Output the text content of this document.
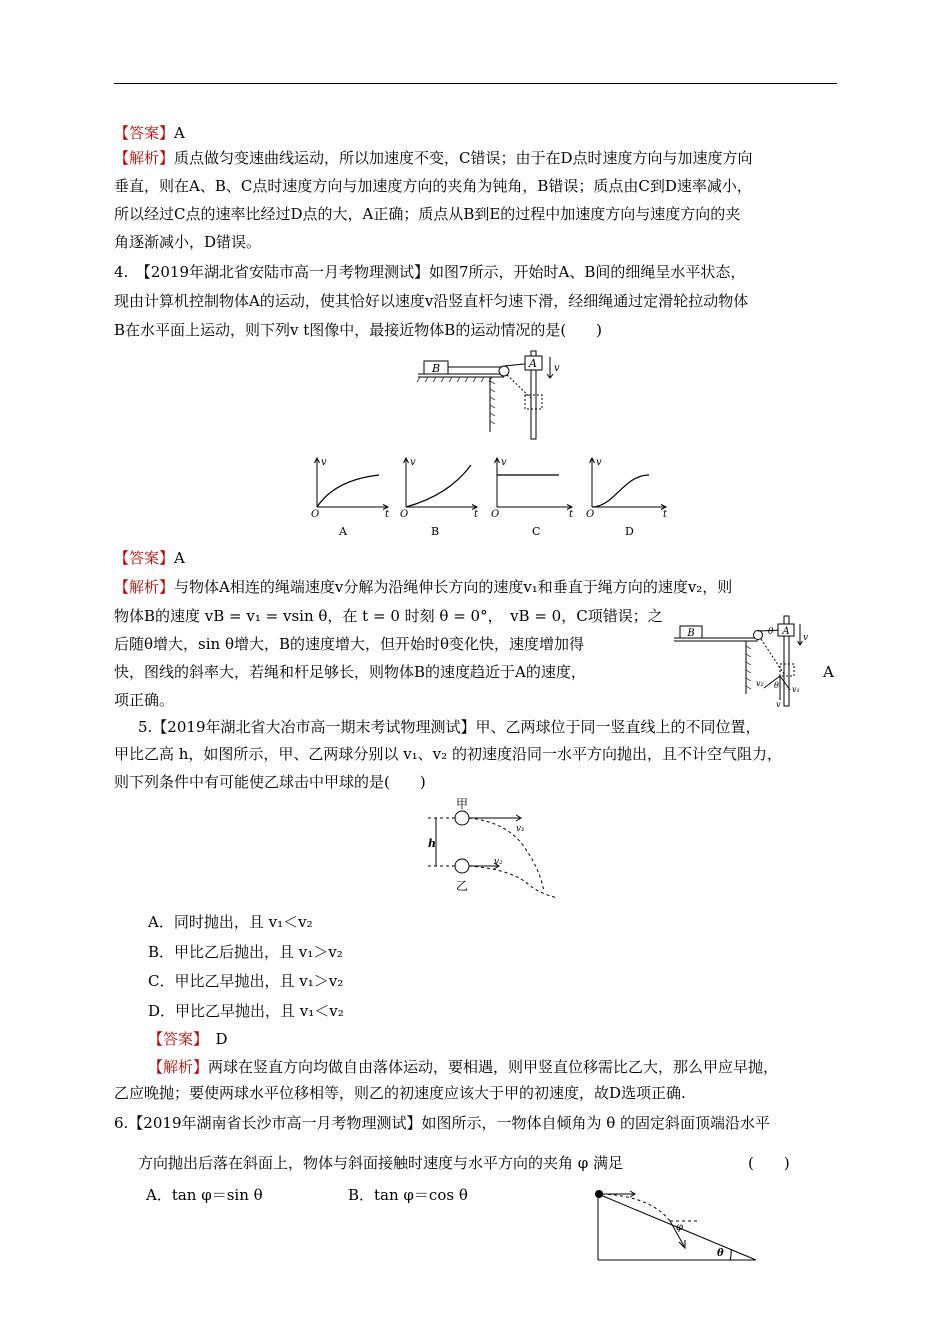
【答案】A
【解析】质点做匀变速曲线运动，所以加速度不变，C错误；由于在D点时速度方向与加速度方向
垂直，则在A、B、C点时速度方向与加速度方向的夹角为钝角，B错误；质点由C到D速率减小，
所以经过C点的速率比经过D点的大，A正确；质点从B到E的过程中加速度方向与速度方向的夹
角逐渐减小，D错误。
4.　【2019年湖北省安陆市高一月考物理测试】如图7所示，开始时A、B间的细绳呈水平状态，
现由计算机控制物体A的运动，使其恰好以速度v沿竖直杆匀速下滑，经细绳通过定滑轮拉动物体
B在水平面上运动，则下列v t图像中，最接近物体B的运动情况的是(　　)
B	A v
v
O	t
A
v
O	t
B
v
O	t
C
v
O	t
D
【答案】A
【解析】与物体A相连的绳端速度v分解为沿绳伸长方向的速度v₁和垂直于绳方向的速度v₂，则
物体B的速度 vB = v₁ = vsin θ，在 t = 0 时刻 θ = 0°，　vB = 0，C项错误；之
后随θ增大，sin θ增大，B的速度增大，但开始时θ变化快，速度增加得
快，图线的斜率大，若绳和杆足够长，则物体B的速度趋近于A的速度，
项正确。
A
B	A
θ
v
v₂
v₁
θ
v
5.【2019年湖北省大冶市高一期末考试物理测试】甲、乙两球位于同一竖直线上的不同位置，
甲比乙高 h，如图所示，甲、乙两球分别以 v₁、v₂ 的初速度沿同一水平方向抛出，且不计空气阻力，
则下列条件中有可能使乙球击中甲球的是(　　)
甲
v₁
h
乙
v₂
A．同时抛出，且 v₁＜v₂
B．甲比乙后抛出，且 v₁＞v₂
C．甲比乙早抛出，且 v₁＞v₂
D．甲比乙早抛出，且 v₁＜v₂
【答案】　 D
【解析】两球在竖直方向均做自由落体运动，要相遇，则甲竖直位移需比乙大，那么甲应早抛，
乙应晚抛；要使两球水平位移相等，则乙的初速度应该大于甲的初速度，故D选项正确.
6.【2019年湖南省长沙市高一月考物理测试】如图所示，一物体自倾角为 θ 的固定斜面顶端沿水平
方向抛出后落在斜面上，物体与斜面接触时速度与水平方向的夹角 φ 满足	(　　)
A．tan φ＝sin θ	B．tan φ＝cos θ
φ
θ
